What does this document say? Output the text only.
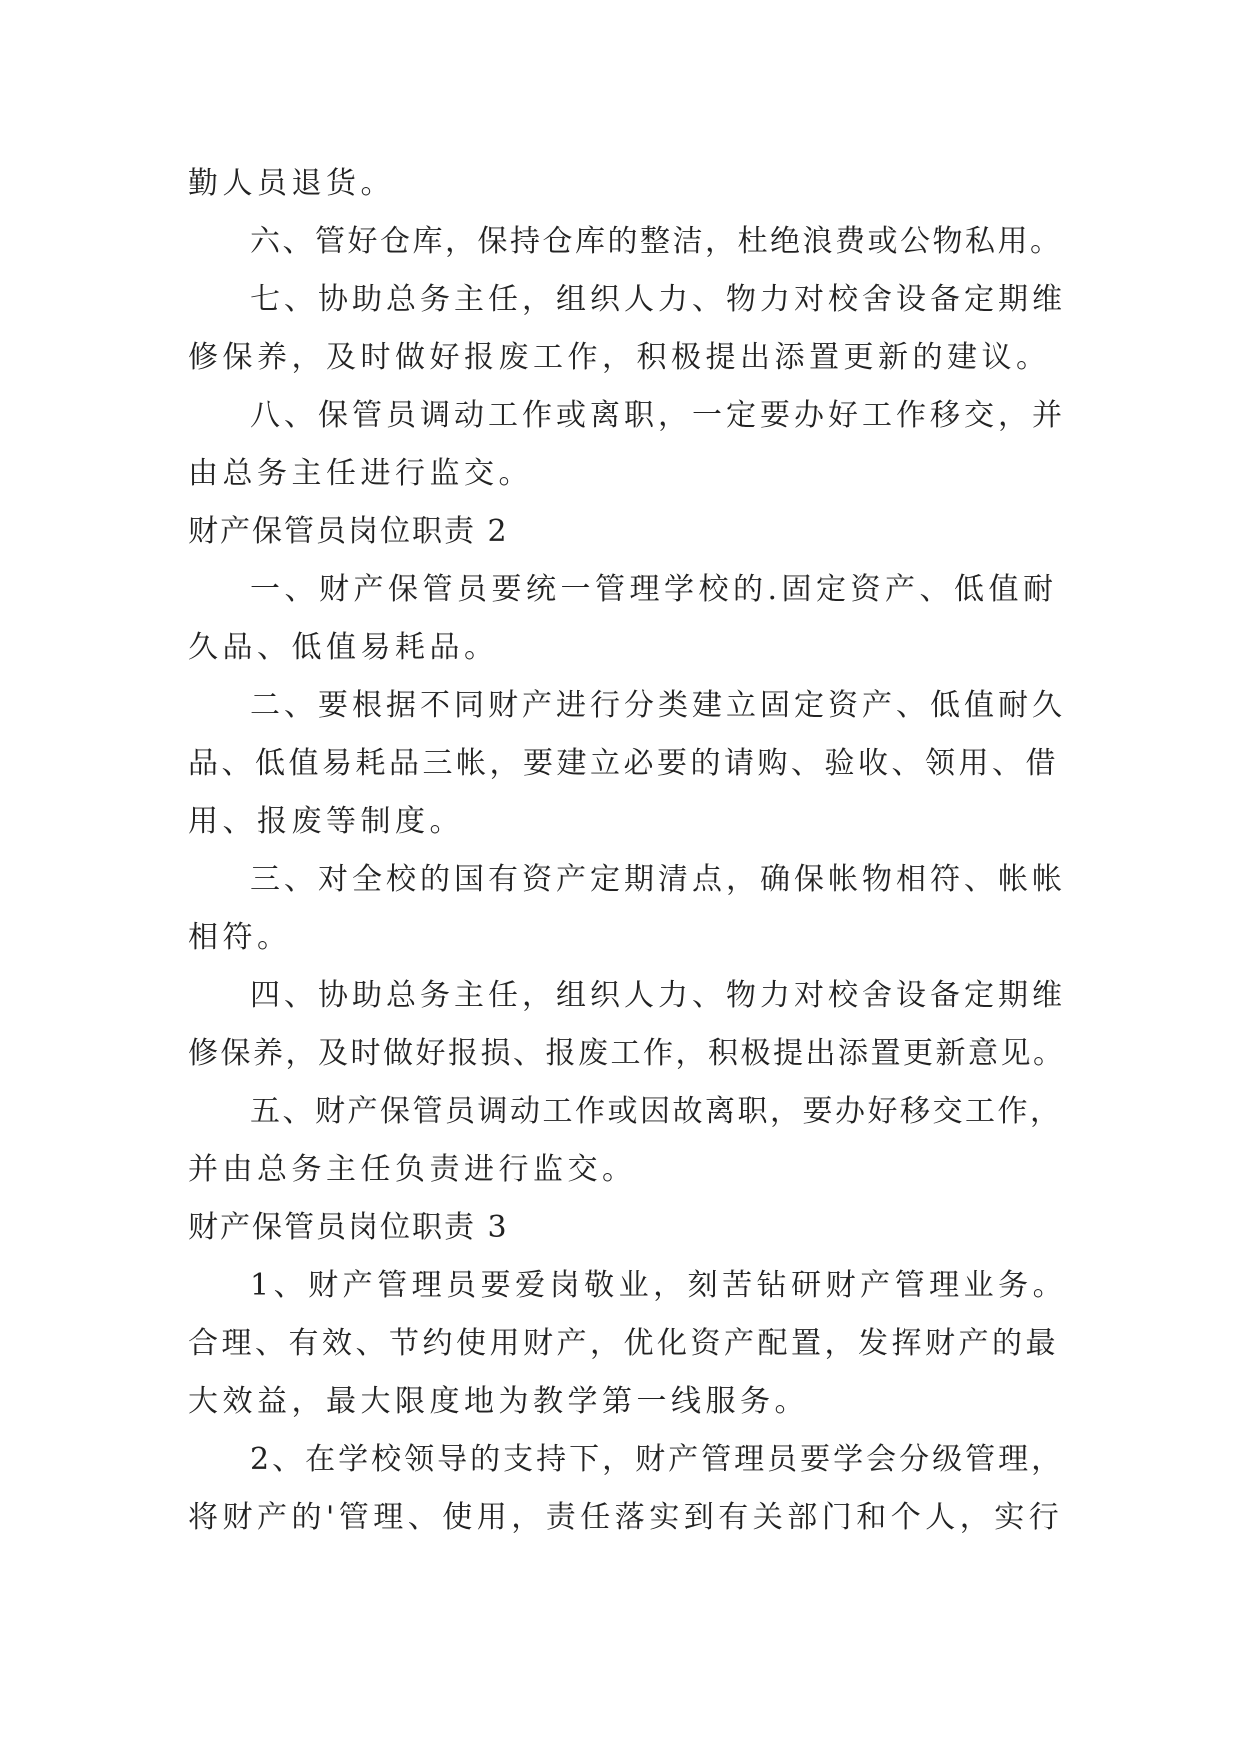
勤人员退货。
六、管好仓库，保持仓库的整洁，杜绝浪费或公物私用。
七、协助总务主任，组织人力、物力对校舍设备定期维
修保养，及时做好报废工作，积极提出添置更新的建议。
八、保管员调动工作或离职，一定要办好工作移交，并
由总务主任进行监交。
财产保管员岗位职责 2
一、财产保管员要统一管理学校的.固定资产、低值耐
久品、低值易耗品。
二、要根据不同财产进行分类建立固定资产、低值耐久
品、低值易耗品三帐，要建立必要的请购、验收、领用、借
用、报废等制度。
三、对全校的国有资产定期清点，确保帐物相符、帐帐
相符。
四、协助总务主任，组织人力、物力对校舍设备定期维
修保养，及时做好报损、报废工作，积极提出添置更新意见。
五、财产保管员调动工作或因故离职，要办好移交工作，
并由总务主任负责进行监交。
财产保管员岗位职责 3
1、财产管理员要爱岗敬业，刻苦钻研财产管理业务。
合理、有效、节约使用财产，优化资产配置，发挥财产的最
大效益，最大限度地为教学第一线服务。
2、在学校领导的支持下，财产管理员要学会分级管理，
将财产的'管理、使用，责任落实到有关部门和个人，实行
